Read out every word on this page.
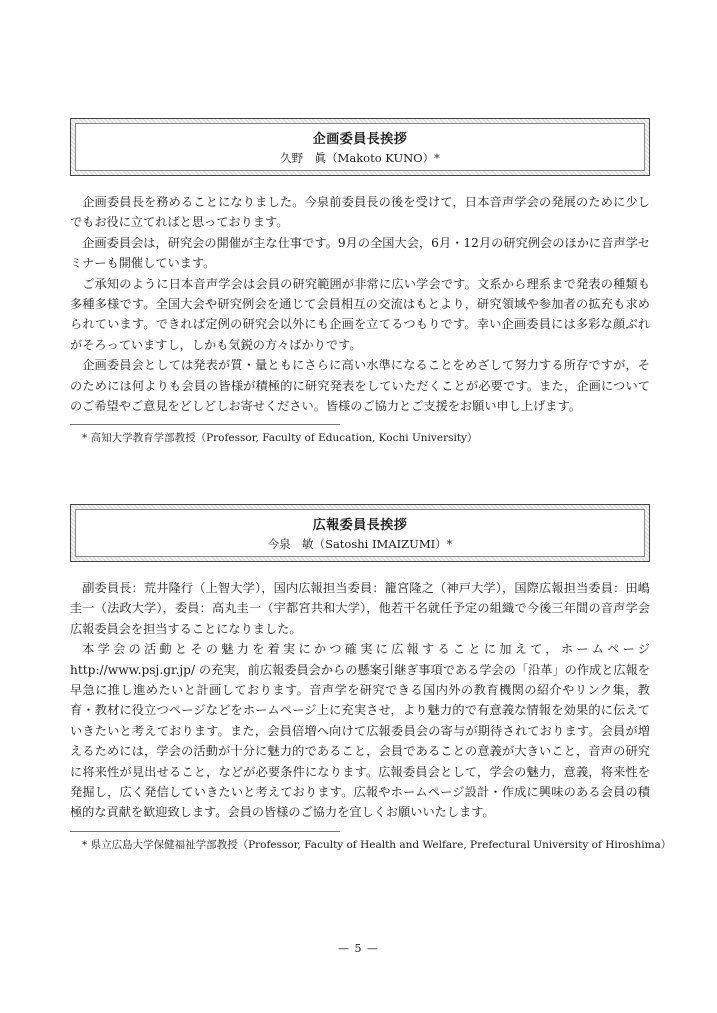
企画委員長挨拶
久野　眞（Makoto KUNO）*

企画委員長を務めることになりました。今泉前委員長の後を受けて，日本音声学会の発展のために少しでもお役に立てればと思っております。

企画委員会は，研究会の開催が主な仕事です。9月の全国大会，6月・12月の研究例会のほかに音声学セミナーも開催しています。

ご承知のように日本音声学会は会員の研究範囲が非常に広い学会です。文系から理系まで発表の種類も多種多様です。全国大会や研究例会を通じて会員相互の交流はもとより，研究領域や参加者の拡充も求められています。できれば定例の研究会以外にも企画を立てるつもりです。幸い企画委員には多彩な顔ぶれがそろっていますし，しかも気鋭の方々ばかりです。

企画委員会としては発表が質・量ともにさらに高い水準になることをめざして努力する所存ですが，そのためには何よりも会員の皆様が積極的に研究発表をしていただくことが必要です。また，企画についてのご希望やご意見をどしどしお寄せください。皆様のご協力とご支援をお願い申し上げます。

* 高知大学教育学部教授（Professor, Faculty of Education, Kochi University）
広報委員長挨拶
今泉　敏（Satoshi IMAIZUMI）*

副委員長：荒井隆行（上智大学），国内広報担当委員：籠宮隆之（神戸大学），国際広報担当委員：田嶋圭一（法政大学），委員：高丸圭一（宇都宮共和大学），他若干名就任予定の組織で今後三年間の音声学会広報委員会を担当することになりました。

本学会の活動とその魅力を着実にかつ確実に広報することに加えて，ホームページ http://www.psj.gr.jp/ の充実，前広報委員会からの懸案引継ぎ事項である学会の「沿革」の作成と広報を早急に推し進めたいと計画しております。音声学を研究できる国内外の教育機関の紹介やリンク集，教育・教材に役立つページなどをホームページ上に充実させ，より魅力的で有意義な情報を効果的に伝えていきたいと考えております。また，会員倍増へ向けて広報委員会の寄与が期待されております。会員が増えるためには，学会の活動が十分に魅力的であること，会員であることの意義が大きいこと，音声の研究に将来性が見出せること，などが必要条件になります。広報委員会として，学会の魅力，意義，将来性を発掘し，広く発信していきたいと考えております。広報やホームページ設計・作成に興味のある会員の積極的な貢献を歓迎致します。会員の皆様のご協力を宜しくお願いいたします。

* 県立広島大学保健福祉学部教授（Professor, Faculty of Health and Welfare, Prefectural University of Hiroshima）
— 5 —
